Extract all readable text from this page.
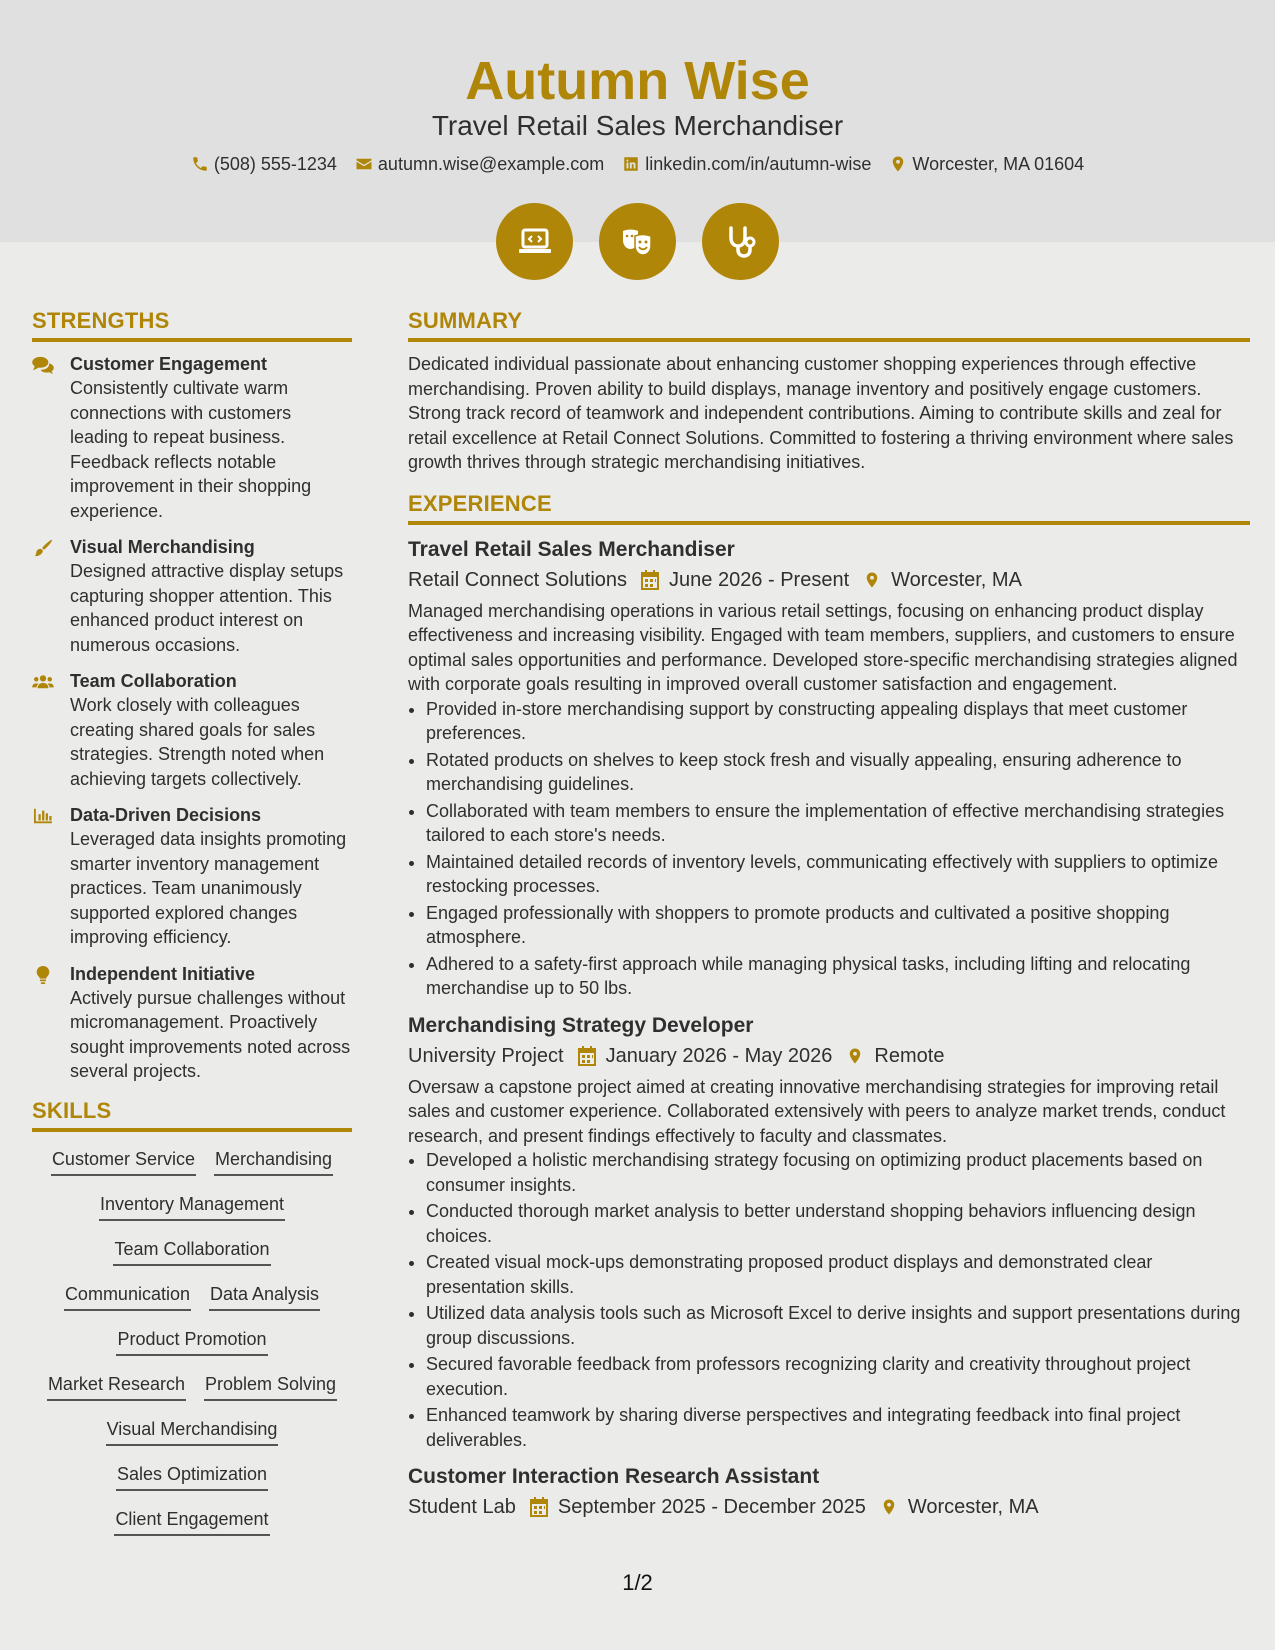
Autumn Wise
Travel Retail Sales Merchandiser
(508) 555-1234 autumn.wise@example.com linkedin.com/in/autumn-wise Worcester, MA 01604
STRENGTHS
Customer Engagement
Consistently cultivate warm connections with customers leading to repeat business. Feedback reflects notable improvement in their shopping experience.
Visual Merchandising
Designed attractive display setups capturing shopper attention. This enhanced product interest on numerous occasions.
Team Collaboration
Work closely with colleagues creating shared goals for sales strategies. Strength noted when achieving targets collectively.
Data-Driven Decisions
Leveraged data insights promoting smarter inventory management practices. Team unanimously supported explored changes improving efficiency.
Independent Initiative
Actively pursue challenges without micromanagement. Proactively sought improvements noted across several projects.
SKILLS
Customer Service Merchandising
Inventory Management
Team Collaboration
Communication Data Analysis
Product Promotion
Market Research Problem Solving
Visual Merchandising
Sales Optimization
Client Engagement
SUMMARY

Dedicated individual passionate about enhancing customer shopping experiences through effective merchandising. Proven ability to build displays, manage inventory and positively engage customers. Strong track record of teamwork and independent contributions. Aiming to contribute skills and zeal for retail excellence at Retail Connect Solutions. Committed to fostering a thriving environment where sales growth thrives through strategic merchandising initiatives.

EXPERIENCE
Travel Retail Sales Merchandiser
Retail Connect Solutions June 2026 - Present Worcester, MA
Managed merchandising operations in various retail settings, focusing on enhancing product display effectiveness and increasing visibility. Engaged with team members, suppliers, and customers to ensure optimal sales opportunities and performance. Developed store-specific merchandising strategies aligned with corporate goals resulting in improved overall customer satisfaction and engagement.
• Provided in-store merchandising support by constructing appealing displays that meet customer preferences.
• Rotated products on shelves to keep stock fresh and visually appealing, ensuring adherence to merchandising guidelines.
• Collaborated with team members to ensure the implementation of effective merchandising strategies tailored to each store's needs.
• Maintained detailed records of inventory levels, communicating effectively with suppliers to optimize restocking processes.
• Engaged professionally with shoppers to promote products and cultivated a positive shopping atmosphere.
• Adhered to a safety-first approach while managing physical tasks, including lifting and relocating merchandise up to 50 lbs.
Merchandising Strategy Developer
University Project January 2026 - May 2026 Remote
Oversaw a capstone project aimed at creating innovative merchandising strategies for improving retail sales and customer experience. Collaborated extensively with peers to analyze market trends, conduct research, and present findings effectively to faculty and classmates.
• Developed a holistic merchandising strategy focusing on optimizing product placements based on consumer insights.
• Conducted thorough market analysis to better understand shopping behaviors influencing design choices.
• Created visual mock-ups demonstrating proposed product displays and demonstrated clear presentation skills.
• Utilized data analysis tools such as Microsoft Excel to derive insights and support presentations during group discussions.
• Secured favorable feedback from professors recognizing clarity and creativity throughout project execution.
• Enhanced teamwork by sharing diverse perspectives and integrating feedback into final project deliverables.
Customer Interaction Research Assistant
Student Lab September 2025 - December 2025 Worcester, MA
1/2
